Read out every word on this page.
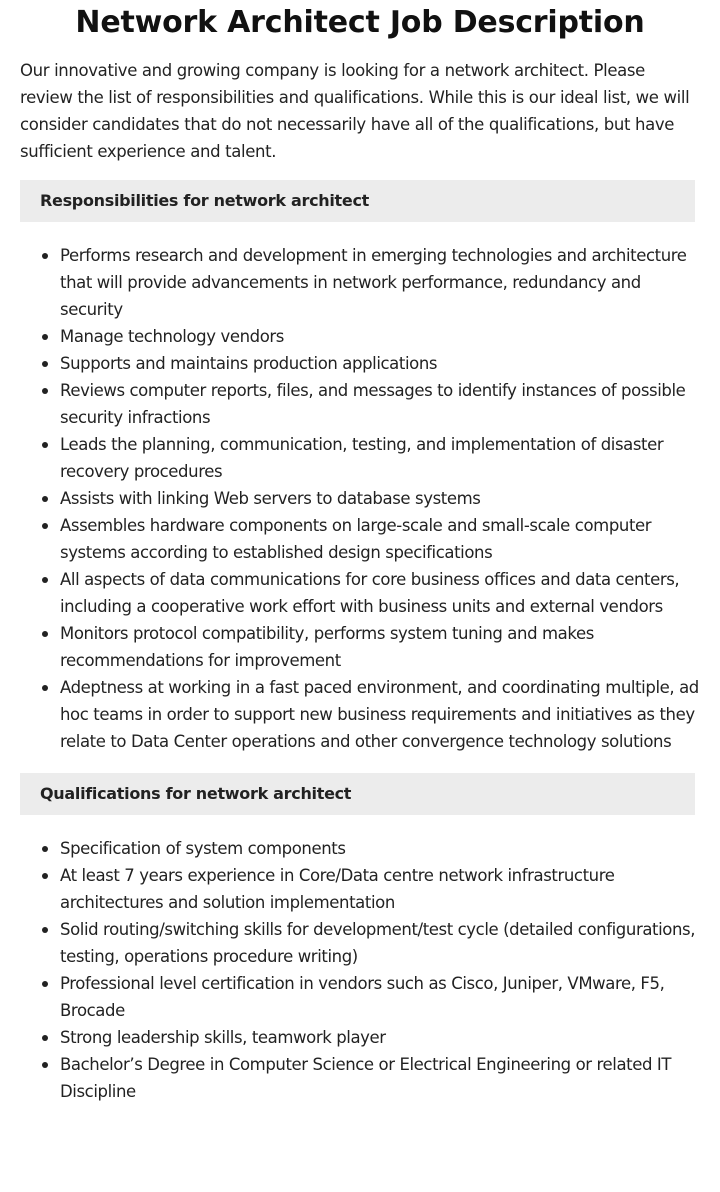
Network Architect Job Description

Our innovative and growing company is looking for a network architect. Please review the list of responsibilities and qualifications. While this is our ideal list, we will consider candidates that do not necessarily have all of the qualifications, but have sufficient experience and talent.

Responsibilities for network architect
Performs research and development in emerging technologies and architecture that will provide advancements in network performance, redundancy and security
Manage technology vendors
Supports and maintains production applications
Reviews computer reports, files, and messages to identify instances of possible security infractions
Leads the planning, communication, testing, and implementation of disaster recovery procedures
Assists with linking Web servers to database systems
Assembles hardware components on large-scale and small-scale computer systems according to established design specifications
All aspects of data communications for core business offices and data centers, including a cooperative work effort with business units and external vendors
Monitors protocol compatibility, performs system tuning and makes recommendations for improvement
Adeptness at working in a fast paced environment, and coordinating multiple, ad hoc teams in order to support new business requirements and initiatives as they relate to Data Center operations and other convergence technology solutions
Qualifications for network architect
Specification of system components
At least 7 years experience in Core/Data centre network infrastructure architectures and solution implementation
Solid routing/switching skills for development/test cycle (detailed configurations, testing, operations procedure writing)
Professional level certification in vendors such as Cisco, Juniper, VMware, F5, Brocade
Strong leadership skills, teamwork player
Bachelor’s Degree in Computer Science or Electrical Engineering or related IT Discipline
